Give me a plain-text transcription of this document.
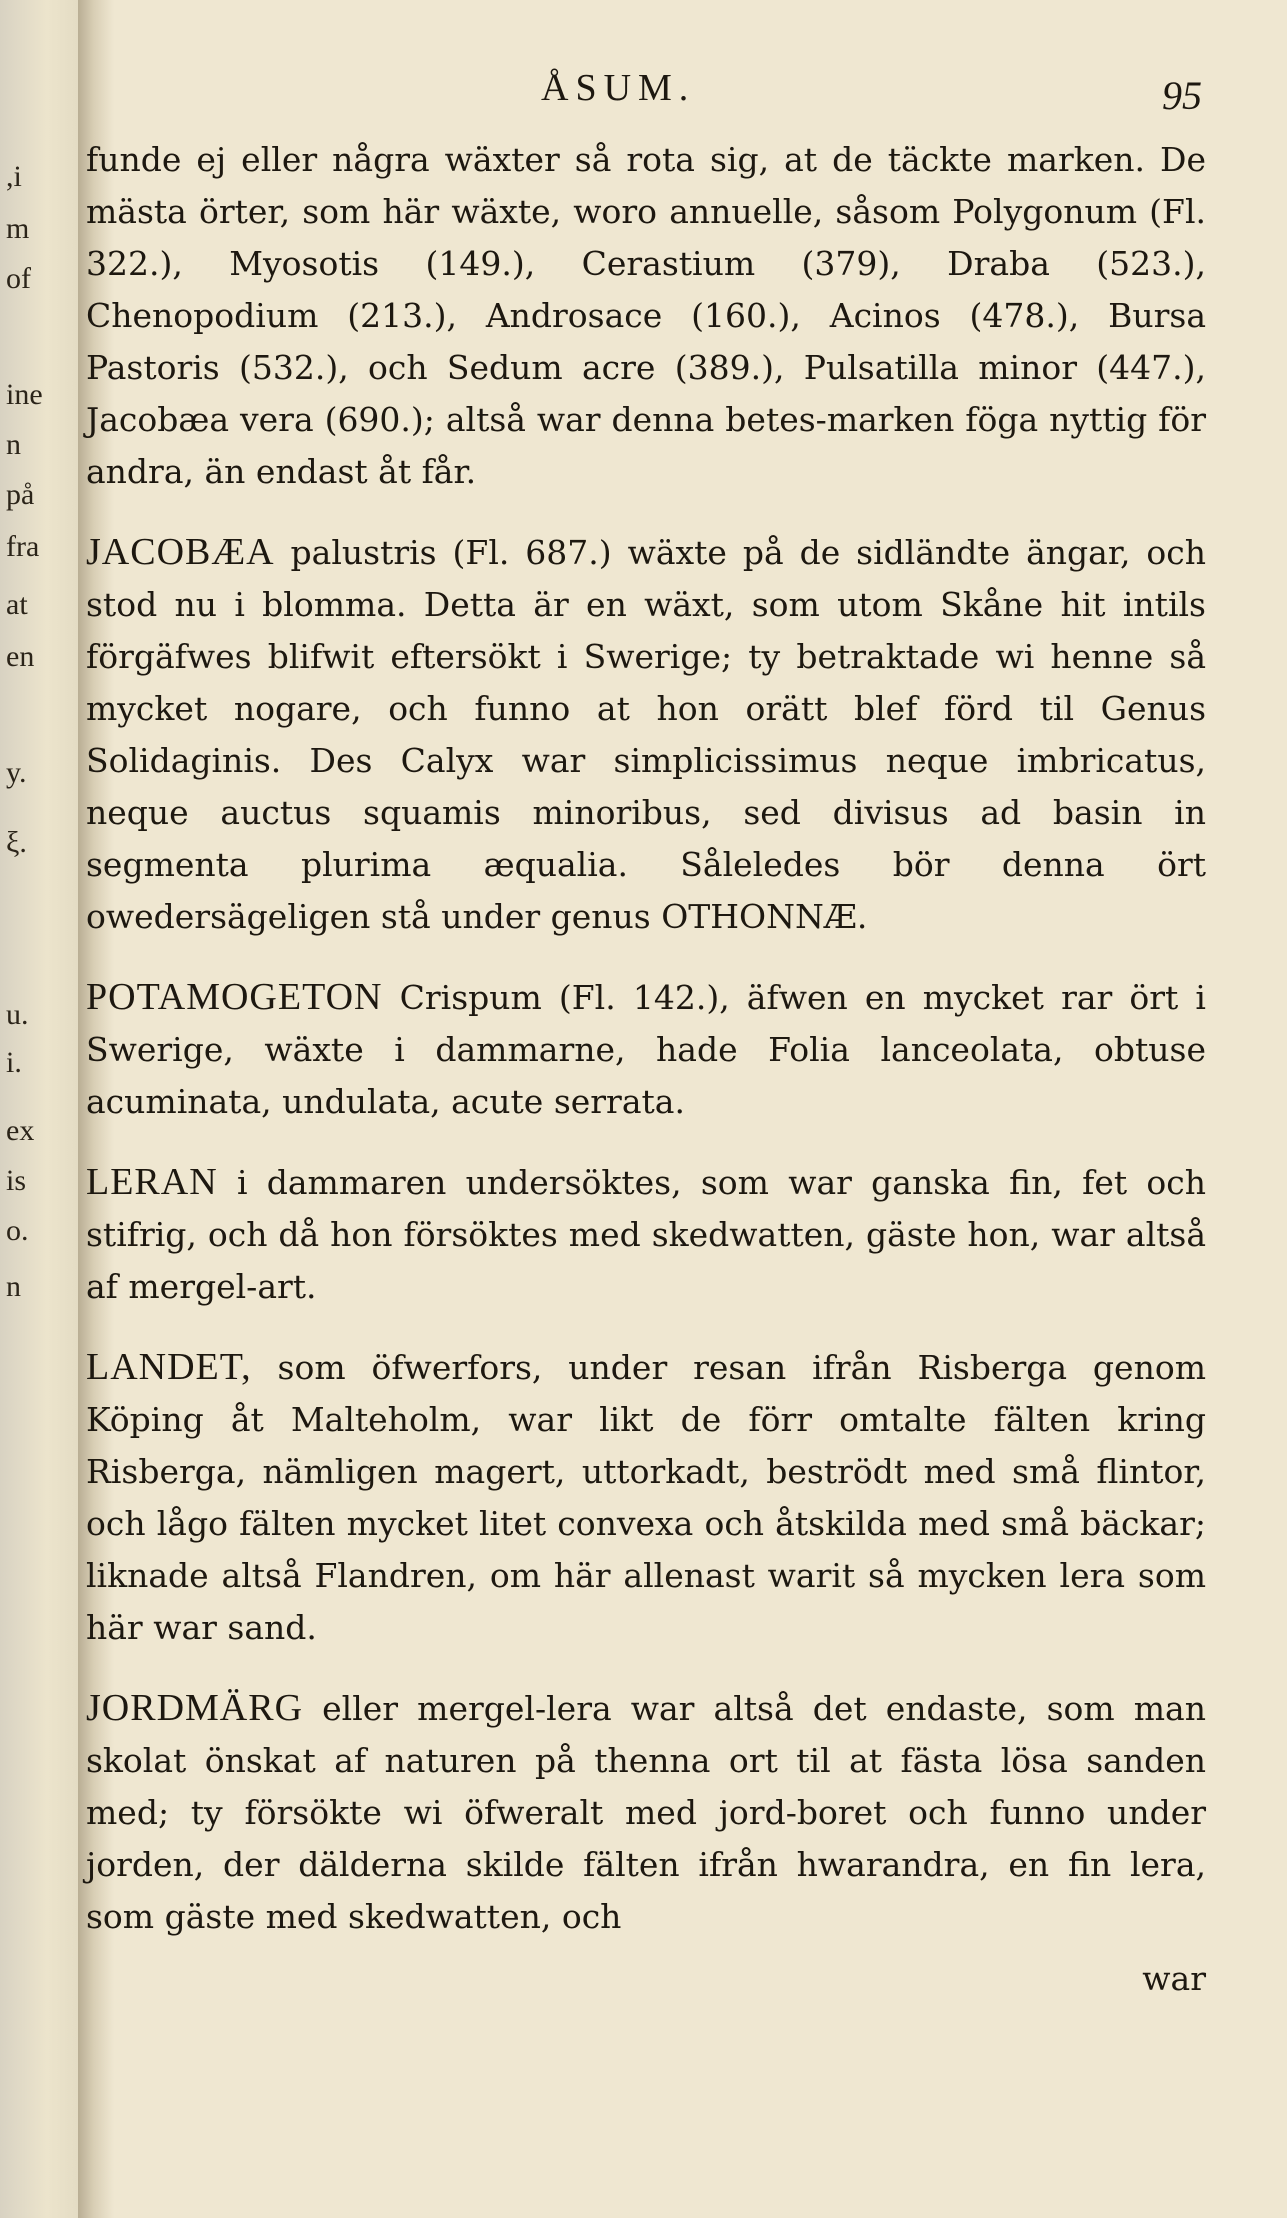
,i
m
of
ine
n
på
fra
at
en
y.
ξ.
u.
i.
ex
is
o.
n
ÅSUM.	95

funde ej eller några wäxter så rota sig, at de täckte marken. De mästa örter, som här wäxte, woro annuelle, såsom Polygonum (Fl. 322.), Myosotis (149.), Cerastium (379), Draba (523.), Chenopodium (213.), Androsace (160.), Acinos (478.), Bursa Pastoris (532.), och Sedum acre (389.), Pulsatilla minor (447.), Jacobæa vera (690.); altså war denna betes-marken föga nyttig för andra, än endast åt får.

JACOBÆA palustris (Fl. 687.) wäxte på de sidländte ängar, och stod nu i blomma. Detta är en wäxt, som utom Skåne hit intils förgäfwes blifwit eftersökt i Swerige; ty betraktade wi henne så mycket nogare, och funno at hon orätt blef förd til Genus Solidaginis. Des Calyx war simplicissimus neque imbricatus, neque auctus squamis minoribus, sed divisus ad basin in segmenta plurima æqualia. Såleledes bör denna ört owedersägeligen stå under genus OTHONNÆ.

POTAMOGETON Crispum (Fl. 142.), äfwen en mycket rar ört i Swerige, wäxte i dammarne, hade Folia lanceolata, obtuse acuminata, undulata, acute serrata.

LERAN i dammaren undersöktes, som war ganska fin, fet och stifrig, och då hon försöktes med skedwatten, gäste hon, war altså af mergel-art.

LANDET, som öfwerfors, under resan ifrån Risberga genom Köping åt Malteholm, war likt de förr omtalte fälten kring Risberga, nämligen magert, uttorkadt, beströdt med små flintor, och lågo fälten mycket litet convexa och åtskilda med små bäckar; liknade altså Flandren, om här allenast warit så mycken lera som här war sand.

JORDMÄRG eller mergel-lera war altså det endaste, som man skolat önskat af naturen på thenna ort til at fästa lösa sanden med; ty försökte wi öfweralt med jord-boret och funno under jorden, der dälderna skilde fälten ifrån hwarandra, en fin lera, som gäste med skedwatten, och

war
